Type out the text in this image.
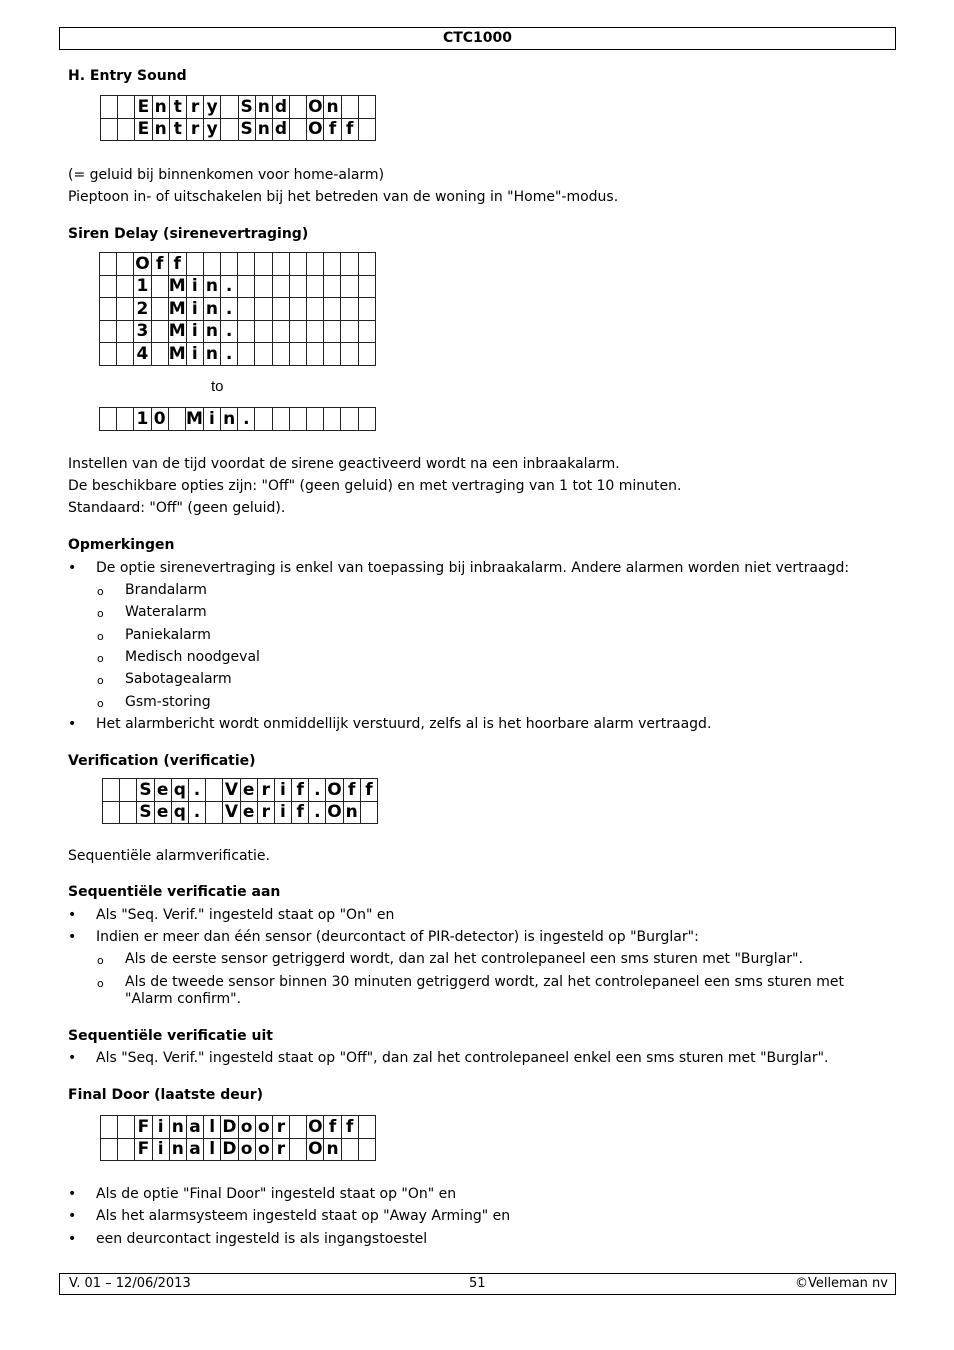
CTC1000
H. Entry Sound
		E	n	t	r	y		S	n	d		O	n		
		E	n	t	r	y		S	n	d		O	f	f	
(= geluid bij binnenkomen voor home-alarm)
Pieptoon in- of uitschakelen bij het betreden van de woning in "Home"-modus.
Siren Delay (sirenevertraging)
		O	f	f											
		1		M	i	n	.								
		2		M	i	n	.								
		3		M	i	n	.								
		4		M	i	n	.								
to
		1	0		M	i	n	.							
Instellen van de tijd voordat de sirene geactiveerd wordt na een inbraakalarm.
De beschikbare opties zijn: "Off" (geen geluid) en met vertraging van 1 tot 10 minuten.
Standaard: "Off" (geen geluid).
Opmerkingen
• De optie sirenevertraging is enkel van toepassing bij inbraakalarm. Andere alarmen worden niet vertraagd:
o Brandalarm
o Wateralarm
o Paniekalarm
o Medisch noodgeval
o Sabotagealarm
o Gsm-storing
• Het alarmbericht wordt onmiddellijk verstuurd, zelfs al is het hoorbare alarm vertraagd.
Verification (verificatie)
		S	e	q	.		V	e	r	i	f	.	O	f	f
		S	e	q	.		V	e	r	i	f	.	O	n	
Sequentiële alarmverificatie.
Sequentiële verificatie aan
• Als "Seq. Verif." ingesteld staat op "On" en
• Indien er meer dan één sensor (deurcontact of PIR-detector) is ingesteld op "Burglar":
o Als de eerste sensor getriggerd wordt, dan zal het controlepaneel een sms sturen met "Burglar".
o Als de tweede sensor binnen 30 minuten getriggerd wordt, zal het controlepaneel een sms sturen met
"Alarm confirm".
Sequentiële verificatie uit
• Als "Seq. Verif." ingesteld staat op "Off", dan zal het controlepaneel enkel een sms sturen met "Burglar".
Final Door (laatste deur)
		F	i	n	a	l	D	o	o	r		O	f	f	
		F	i	n	a	l	D	o	o	r		O	n		
• Als de optie "Final Door" ingesteld staat op "On" en
• Als het alarmsysteem ingesteld staat op "Away Arming" en
• een deurcontact ingesteld is als ingangstoestel
V. 01 – 12/06/2013	51	©Velleman nv
